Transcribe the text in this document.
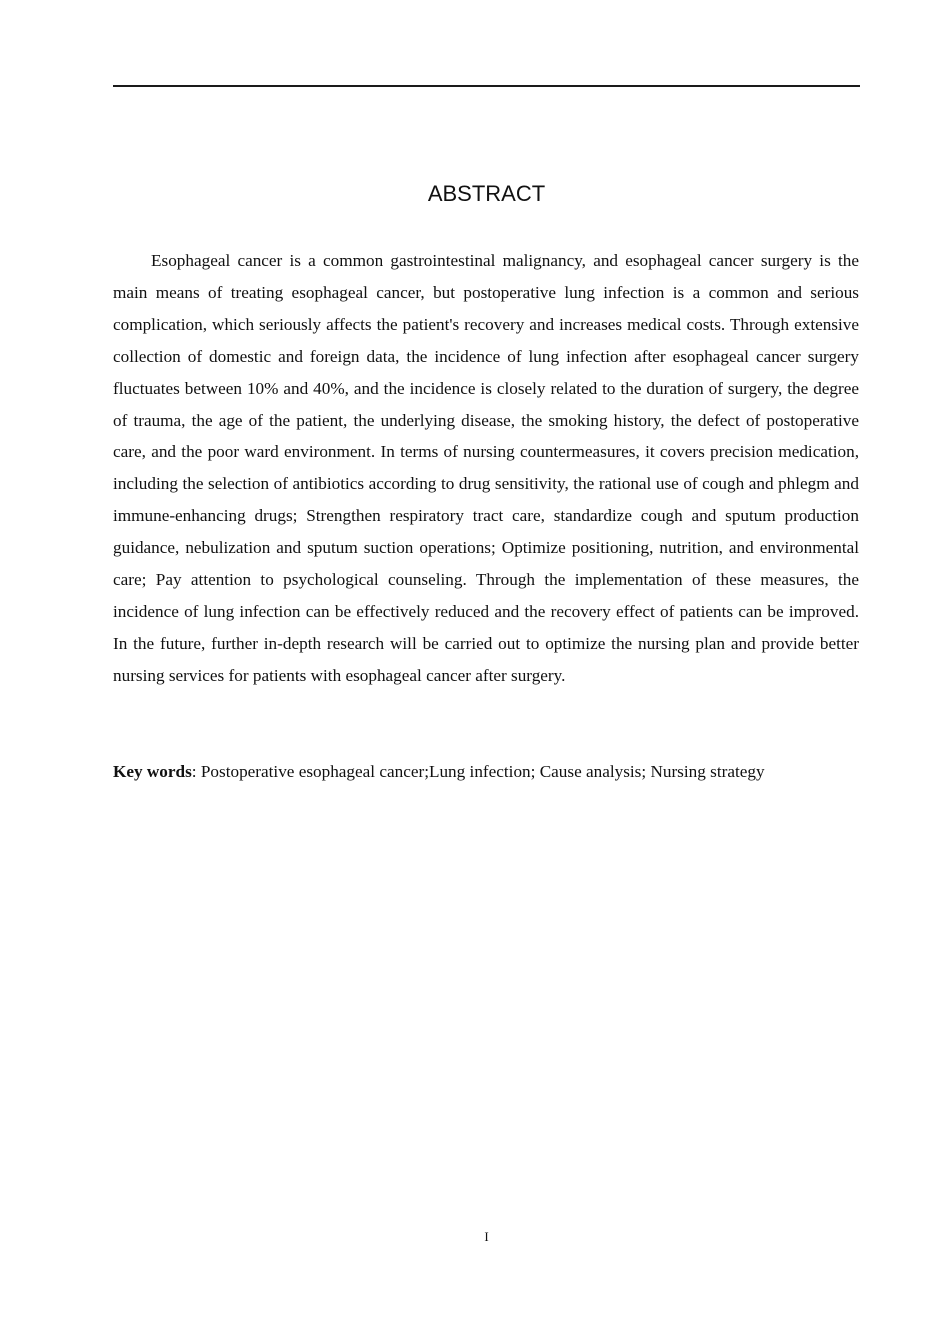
ABSTRACT

Esophageal cancer is a common gastrointestinal malignancy, and esophageal cancer surgery is the main means of treating esophageal cancer, but postoperative lung infection is a common and serious complication, which seriously affects the patient's recovery and increases medical costs. Through extensive collection of domestic and foreign data, the incidence of lung infection after esophageal cancer surgery fluctuates between 10% and 40%, and the incidence is closely related to the duration of surgery, the degree of trauma, the age of the patient, the underlying disease, the smoking history, the defect of postoperative care, and the poor ward environment. In terms of nursing countermeasures, it covers precision medication, including the selection of antibiotics according to drug sensitivity, the rational use of cough and phlegm and immune-enhancing drugs; Strengthen respiratory tract care, standardize cough and sputum production guidance, nebulization and sputum suction operations; Optimize positioning, nutrition, and environmental care; Pay attention to psychological counseling. Through the implementation of these measures, the incidence of lung infection can be effectively reduced and the recovery effect of patients can be improved. In the future, further in-depth research will be carried out to optimize the nursing plan and provide better nursing services for patients with esophageal cancer after surgery.

Key words: Postoperative esophageal cancer;Lung infection; Cause analysis; Nursing strategy

I
